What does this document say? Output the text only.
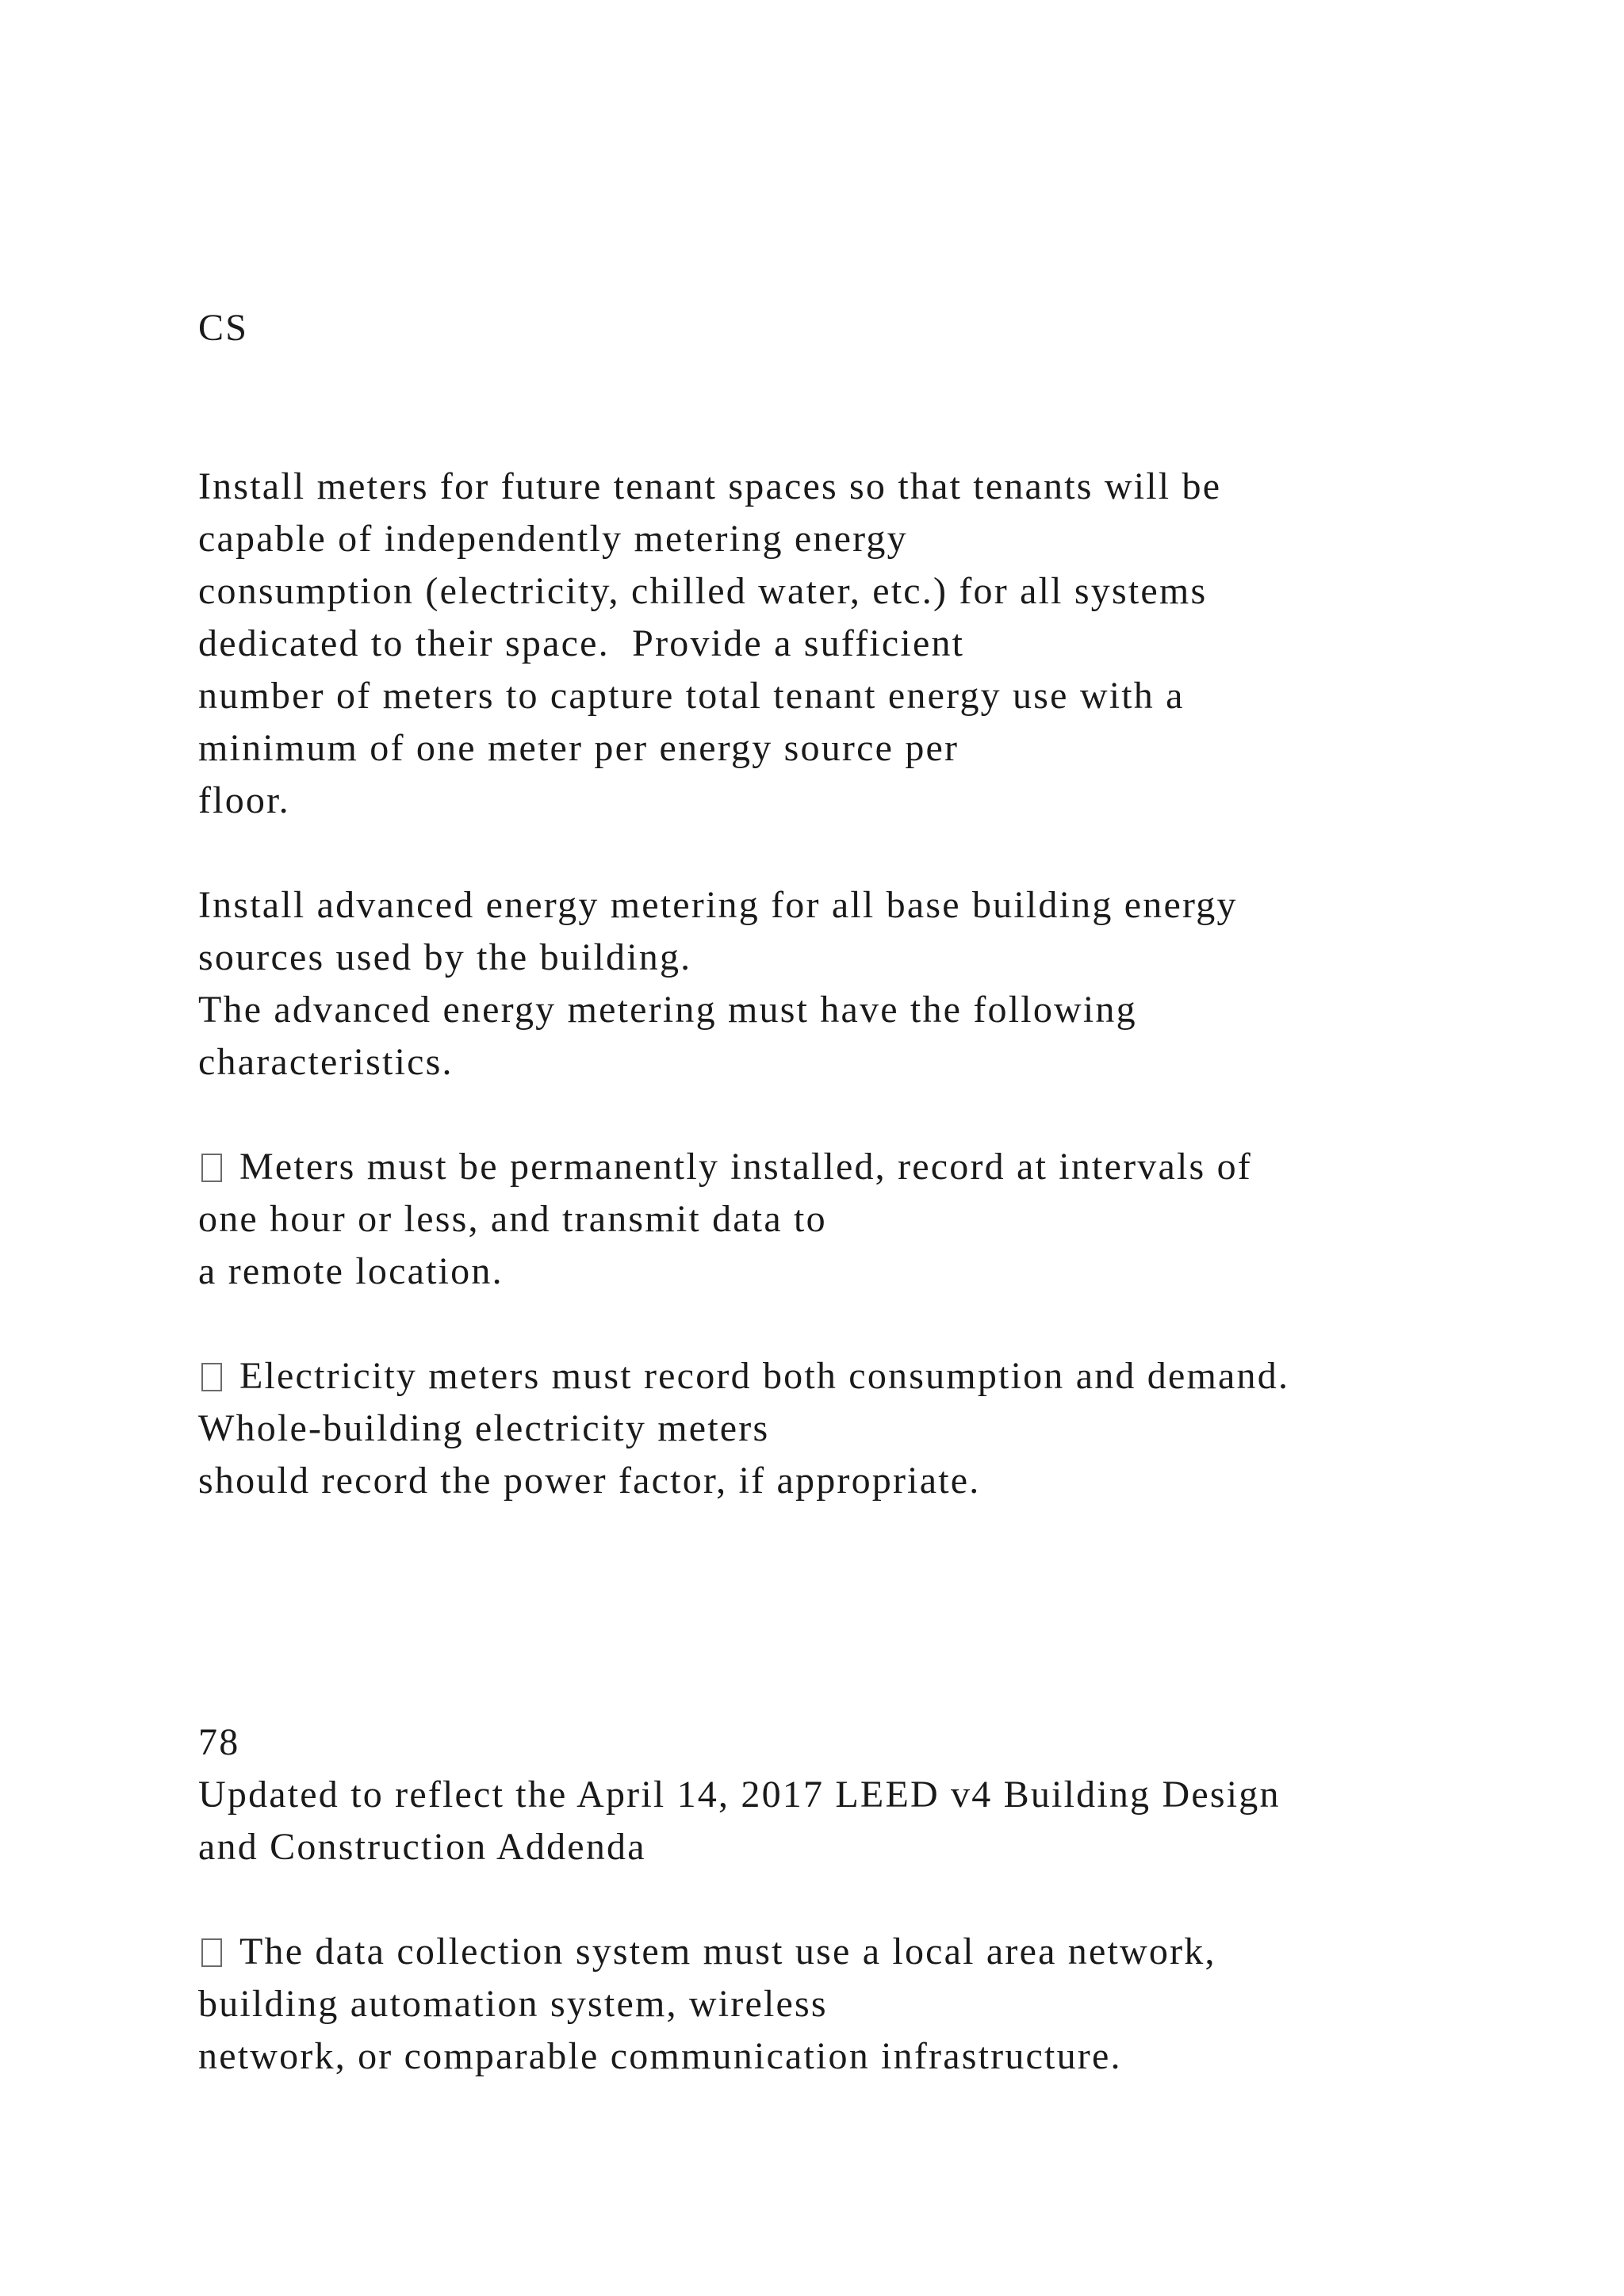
CS
Install meters for future tenant spaces so that tenants will be
capable of independently metering energy
consumption (electricity, chilled water, etc.) for all systems
dedicated to their space.  Provide a sufficient
number of meters to capture total tenant energy use with a
minimum of one meter per energy source per
floor.
Install advanced energy metering for all base building energy
sources used by the building.
The advanced energy metering must have the following
characteristics.
Meters must be permanently installed, record at intervals of
one hour or less, and transmit data to
a remote location.
Electricity meters must record both consumption and demand.
Whole-building electricity meters
should record the power factor, if appropriate.
78
Updated to reflect the April 14, 2017 LEED v4 Building Design
and Construction Addenda
The data collection system must use a local area network,
building automation system, wireless
network, or comparable communication infrastructure.
